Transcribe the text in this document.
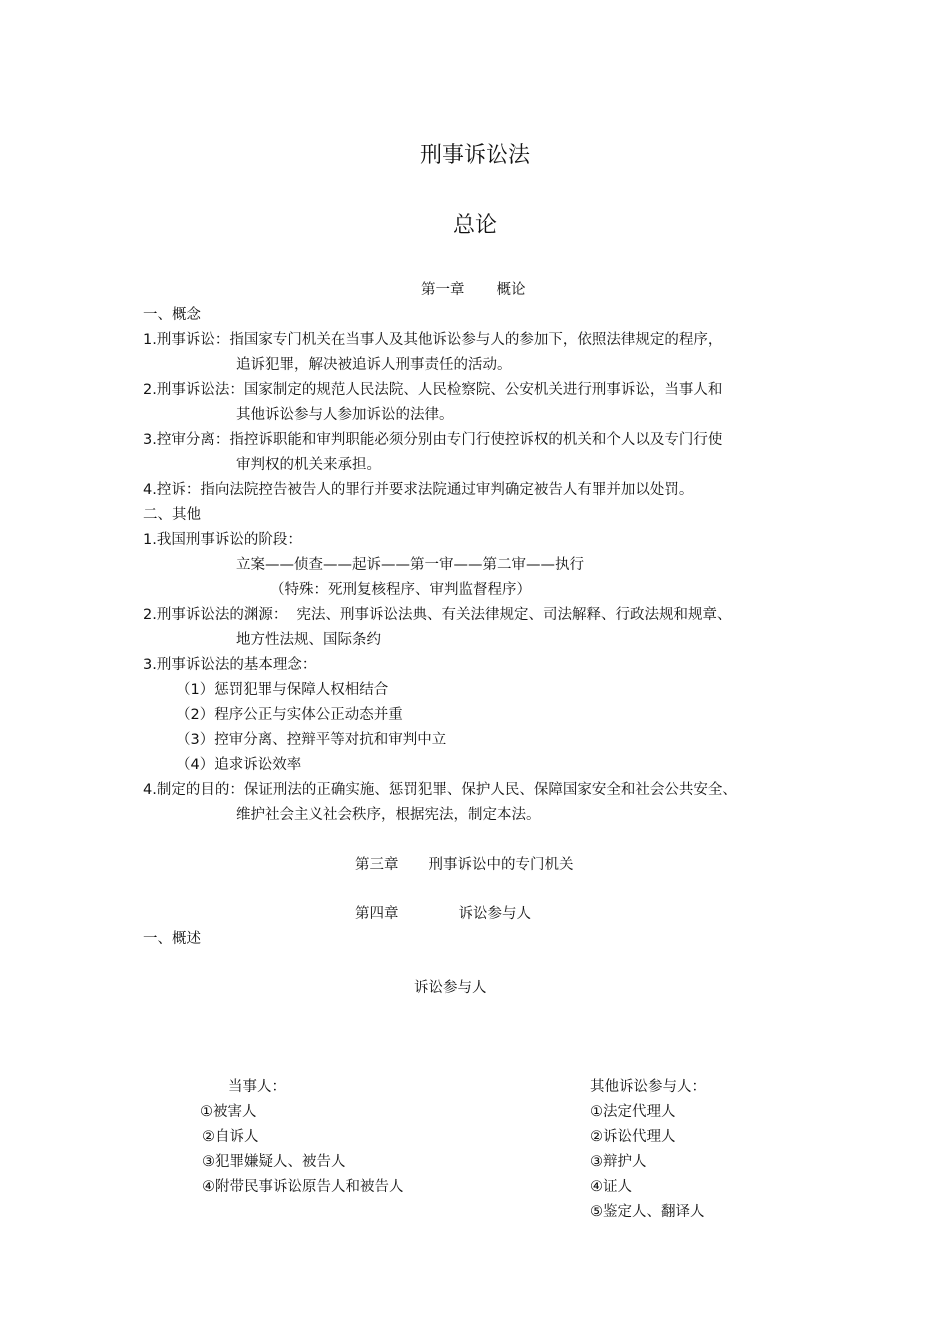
刑事诉讼法
总论
第一章 概论
一、概念
1.刑事诉讼：指国家专门机关在当事人及其他诉讼参与人的参加下，依照法律规定的程序，
追诉犯罪，解决被追诉人刑事责任的活动。
2.刑事诉讼法：国家制定的规范人民法院、人民检察院、公安机关进行刑事诉讼，当事人和
其他诉讼参与人参加诉讼的法律。
3.控审分离：指控诉职能和审判职能必须分别由专门行使控诉权的机关和个人以及专门行使
审判权的机关来承担。
4.控诉：指向法院控告被告人的罪行并要求法院通过审判确定被告人有罪并加以处罚。
二、其他
1.我国刑事诉讼的阶段：
立案——侦查——起诉——第一审——第二审——执行
（特殊：死刑复核程序、审判监督程序）
2.刑事诉讼法的渊源：  宪法、刑事诉讼法典、有关法律规定、司法解释、行政法规和规章、
地方性法规、国际条约
3.刑事诉讼法的基本理念：
（1）惩罚犯罪与保障人权相结合
（2）程序公正与实体公正动态并重
（3）控审分离、控辩平等对抗和审判中立
（4）追求诉讼效率
4.制定的目的：保证刑法的正确实施、惩罚犯罪、保护人民、保障国家安全和社会公共安全、
维护社会主义社会秩序，根据宪法，制定本法。
第三章 刑事诉讼中的专门机关
第四章	诉讼参与人
一、概述
诉讼参与人
当事人：
①被害人
②自诉人
③犯罪嫌疑人、被告人
④附带民事诉讼原告人和被告人
其他诉讼参与人：
①法定代理人
②诉讼代理人
③辩护人
④证人
⑤鉴定人、翻译人
